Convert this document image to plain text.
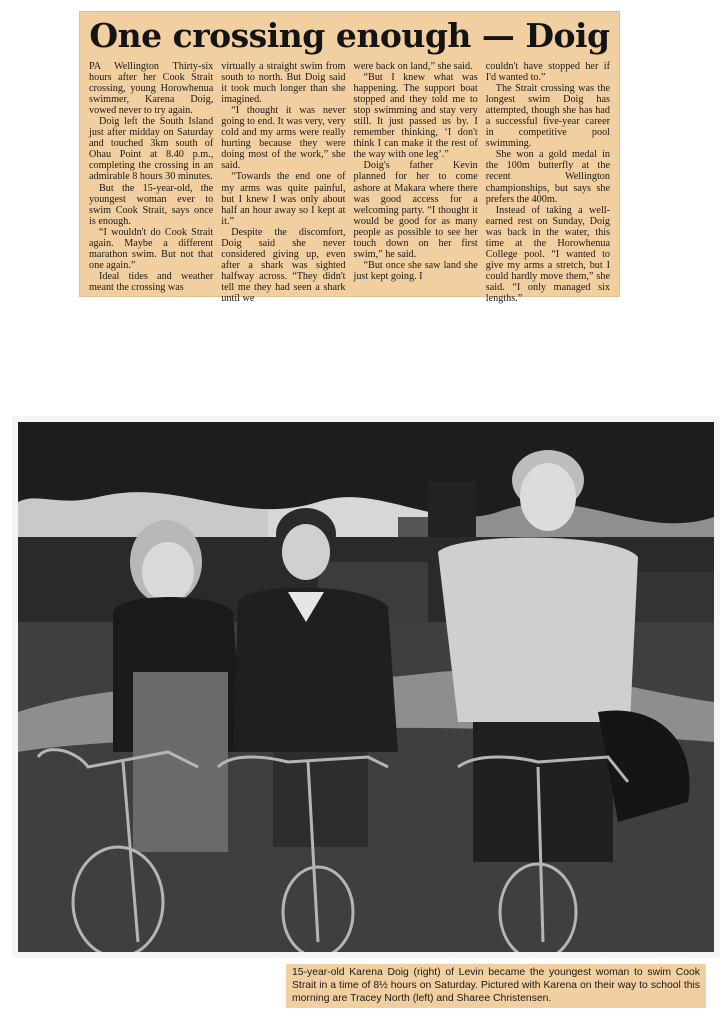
One crossing enough — Doig

PA Wellington Thirty-six hours after her Cook Strait crossing, young Horowhenua swimmer, Karena Doig, vowed never to try again.

Doig left the South Island just after midday on Saturday and touched 3km south of Ohau Point at 8.40 p.m., completing the crossing in an admirable 8 hours 30 minutes.

But the 15-year-old, the youngest woman ever to swim Cook Strait, says once is enough.

“I wouldn't do Cook Strait again. Maybe a different marathon swim. But not that one again.”

Ideal tides and weather meant the crossing was

virtually a straight swim from south to north. But Doig said it took much longer than she imagined.

“I thought it was never going to end. It was very, very cold and my arms were really hurting because they were doing most of the work,” she said.

“Towards the end one of my arms was quite painful, but I knew I was only about half an hour away so I kept at it.”

Despite the discomfort, Doig said she never considered giving up, even after a shark was sighted halfway across. “They didn't tell me they had seen a shark until we

were back on land,” she said.

“But I knew what was happening. The support boat stopped and they told me to stop swimming and stay very still. It just passed us by. I remember thinking, ‘I don't think I can make it the rest of the way with one leg’.”

Doig's father Kevin planned for her to come ashore at Makara where there was good access for a welcoming party. “I thought it would be good for as many people as possible to see her touch down on her first swim,” he said.

“But once she saw land she just kept going. I

couldn't have stopped her if I'd wanted to.”

The Strait crossing was the longest swim Doig has attempted, though she has had a successful five-year career in competitive pool swimming.

She won a gold medal in the 100m butterfly at the recent Wellington championships, but says she prefers the 400m.

Instead of taking a well-earned rest on Sunday, Doig was back in the water, this time at the Horowhenua College pool. “I wanted to give my arms a stretch, but I could hardly move them,” she said. “I only managed six lengths.”

15-year-old Karena Doig (right) of Levin became the youngest woman to swim Cook Strait in a time of 8½ hours on Saturday. Pictured with Karena on their way to school this morning are Tracey North (left) and Sharee Christensen.
